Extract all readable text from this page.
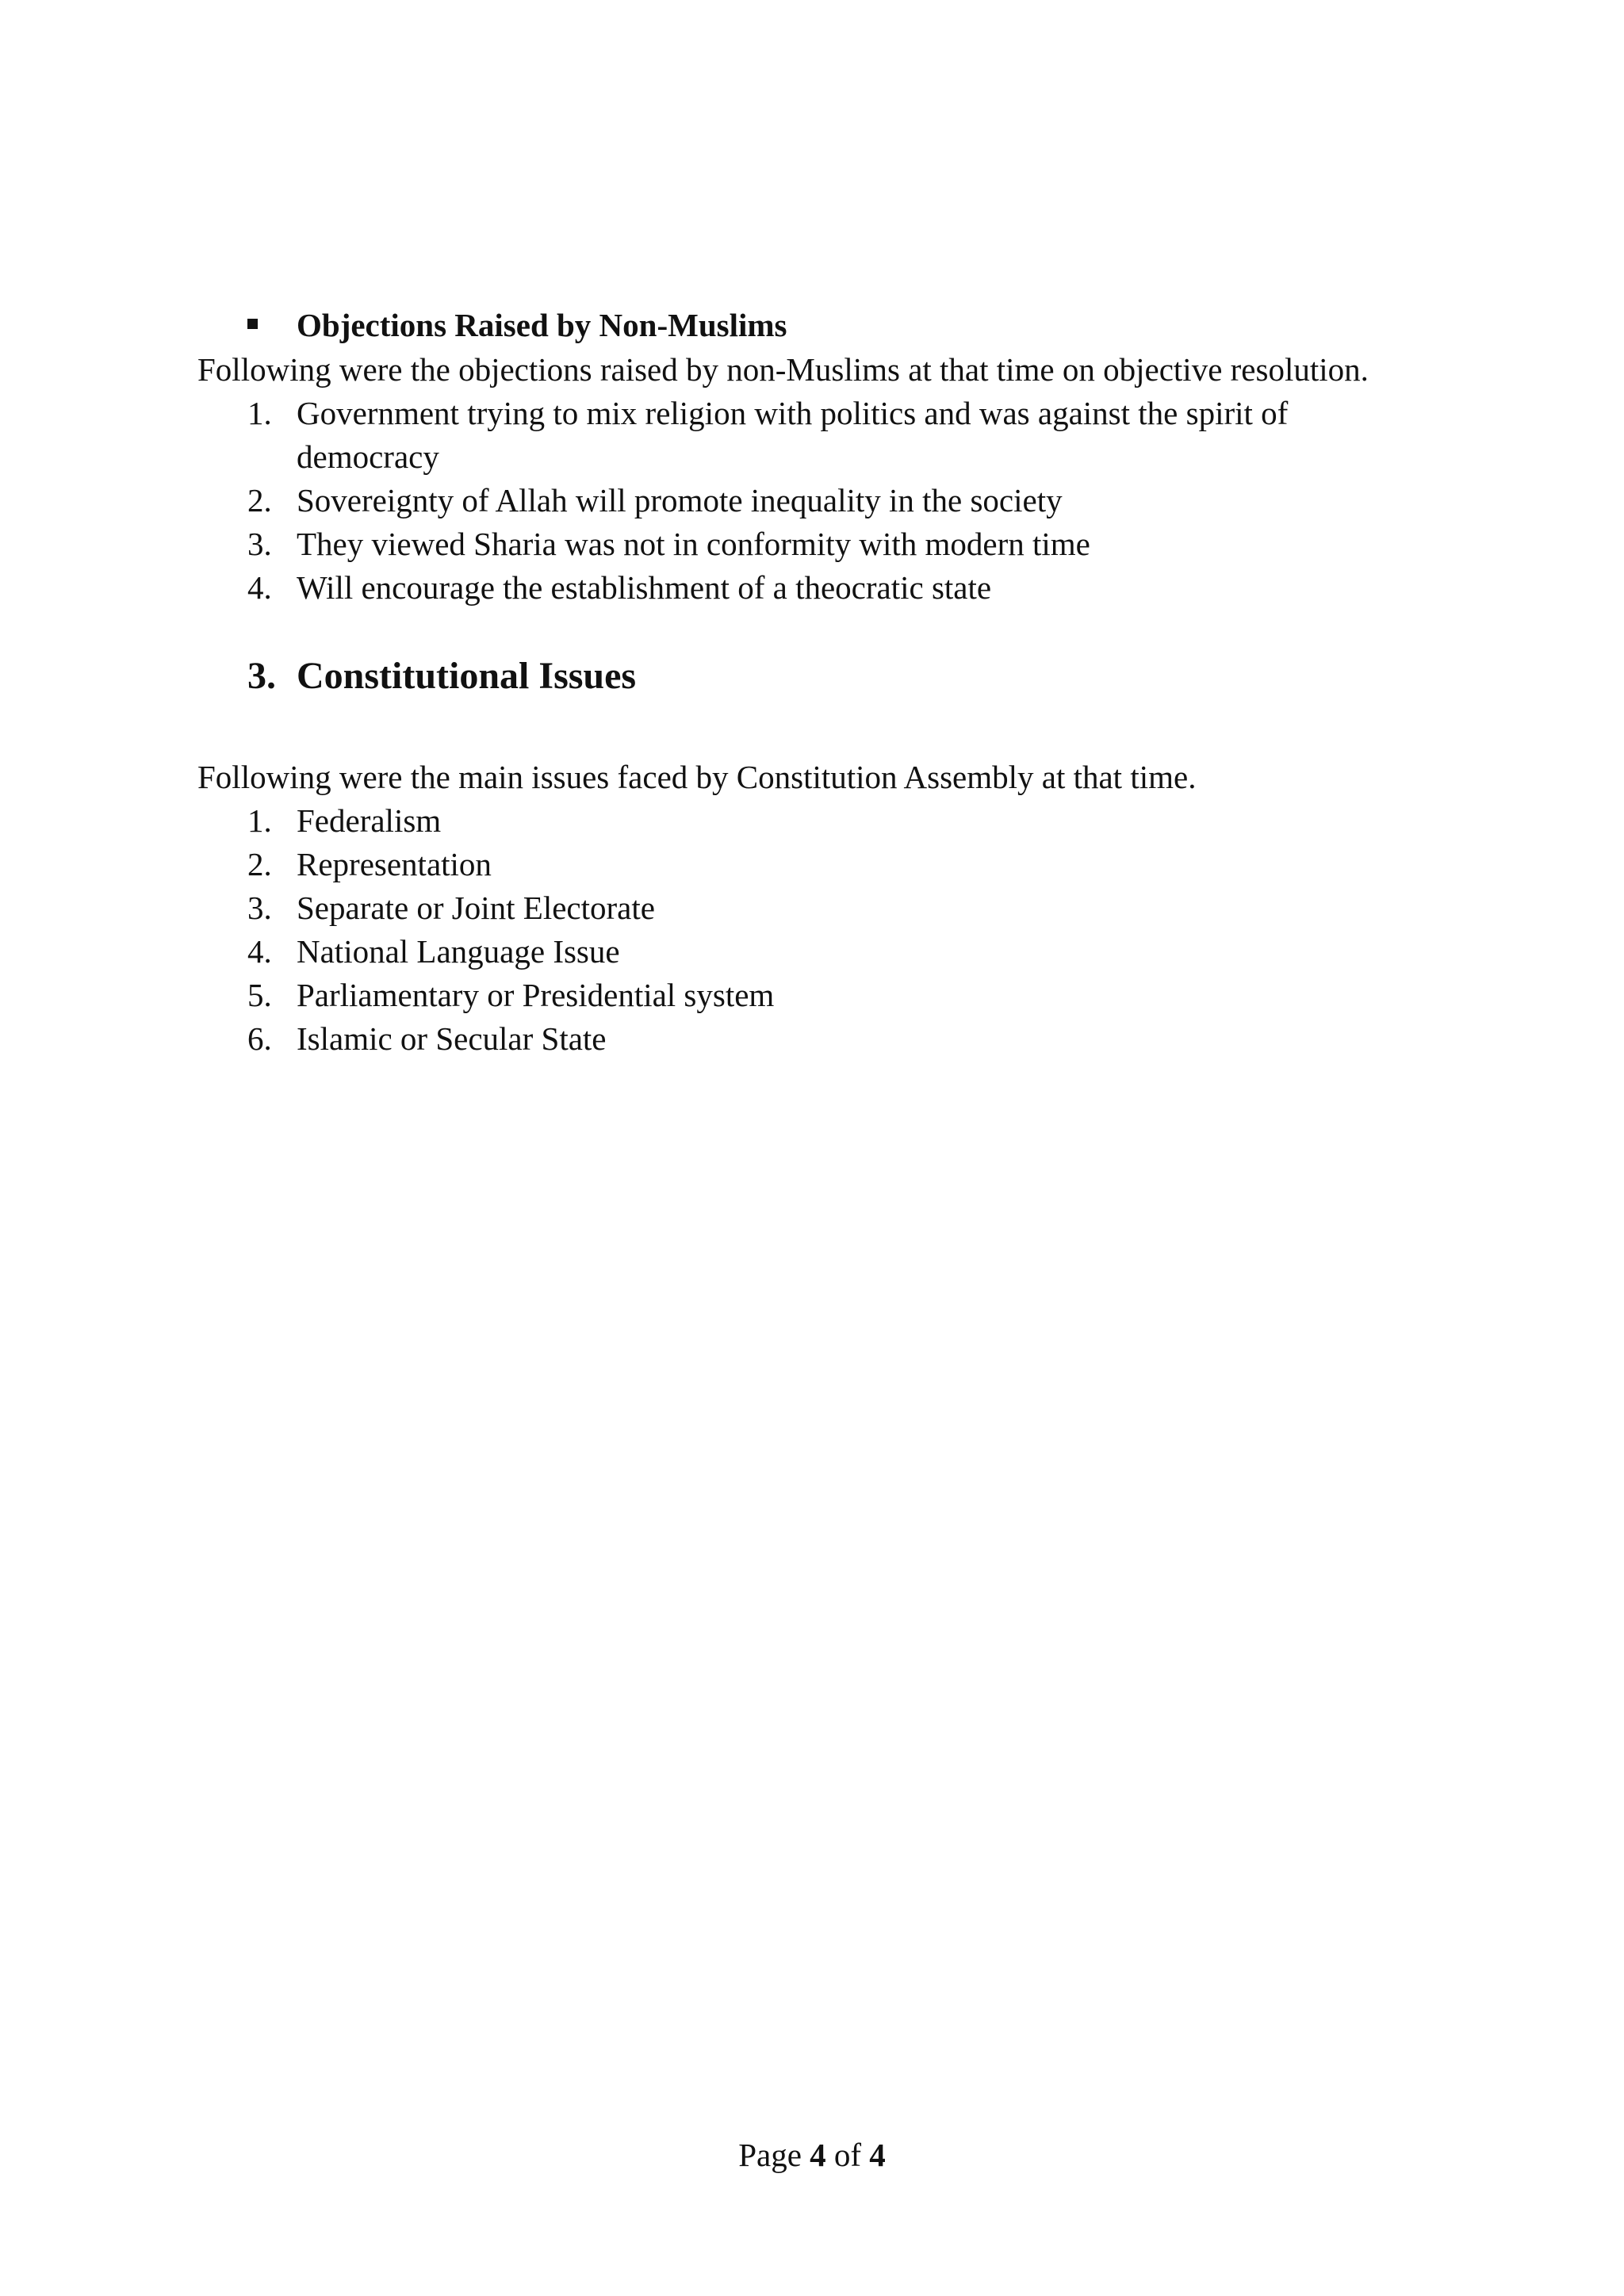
Objections Raised by Non-Muslims
Following were the objections raised by non-Muslims at that time on objective resolution.
1. Government trying to mix religion with politics and was against the spirit of
democracy
2. Sovereignty of Allah will promote inequality in the society
3. They viewed Sharia was not in conformity with modern time
4. Will encourage the establishment of a theocratic state
3. Constitutional Issues
Following were the main issues faced by Constitution Assembly at that time.
1. Federalism
2. Representation
3. Separate or Joint Electorate
4. National Language Issue
5. Parliamentary or Presidential system
6. Islamic or Secular State
Page 4 of 4
